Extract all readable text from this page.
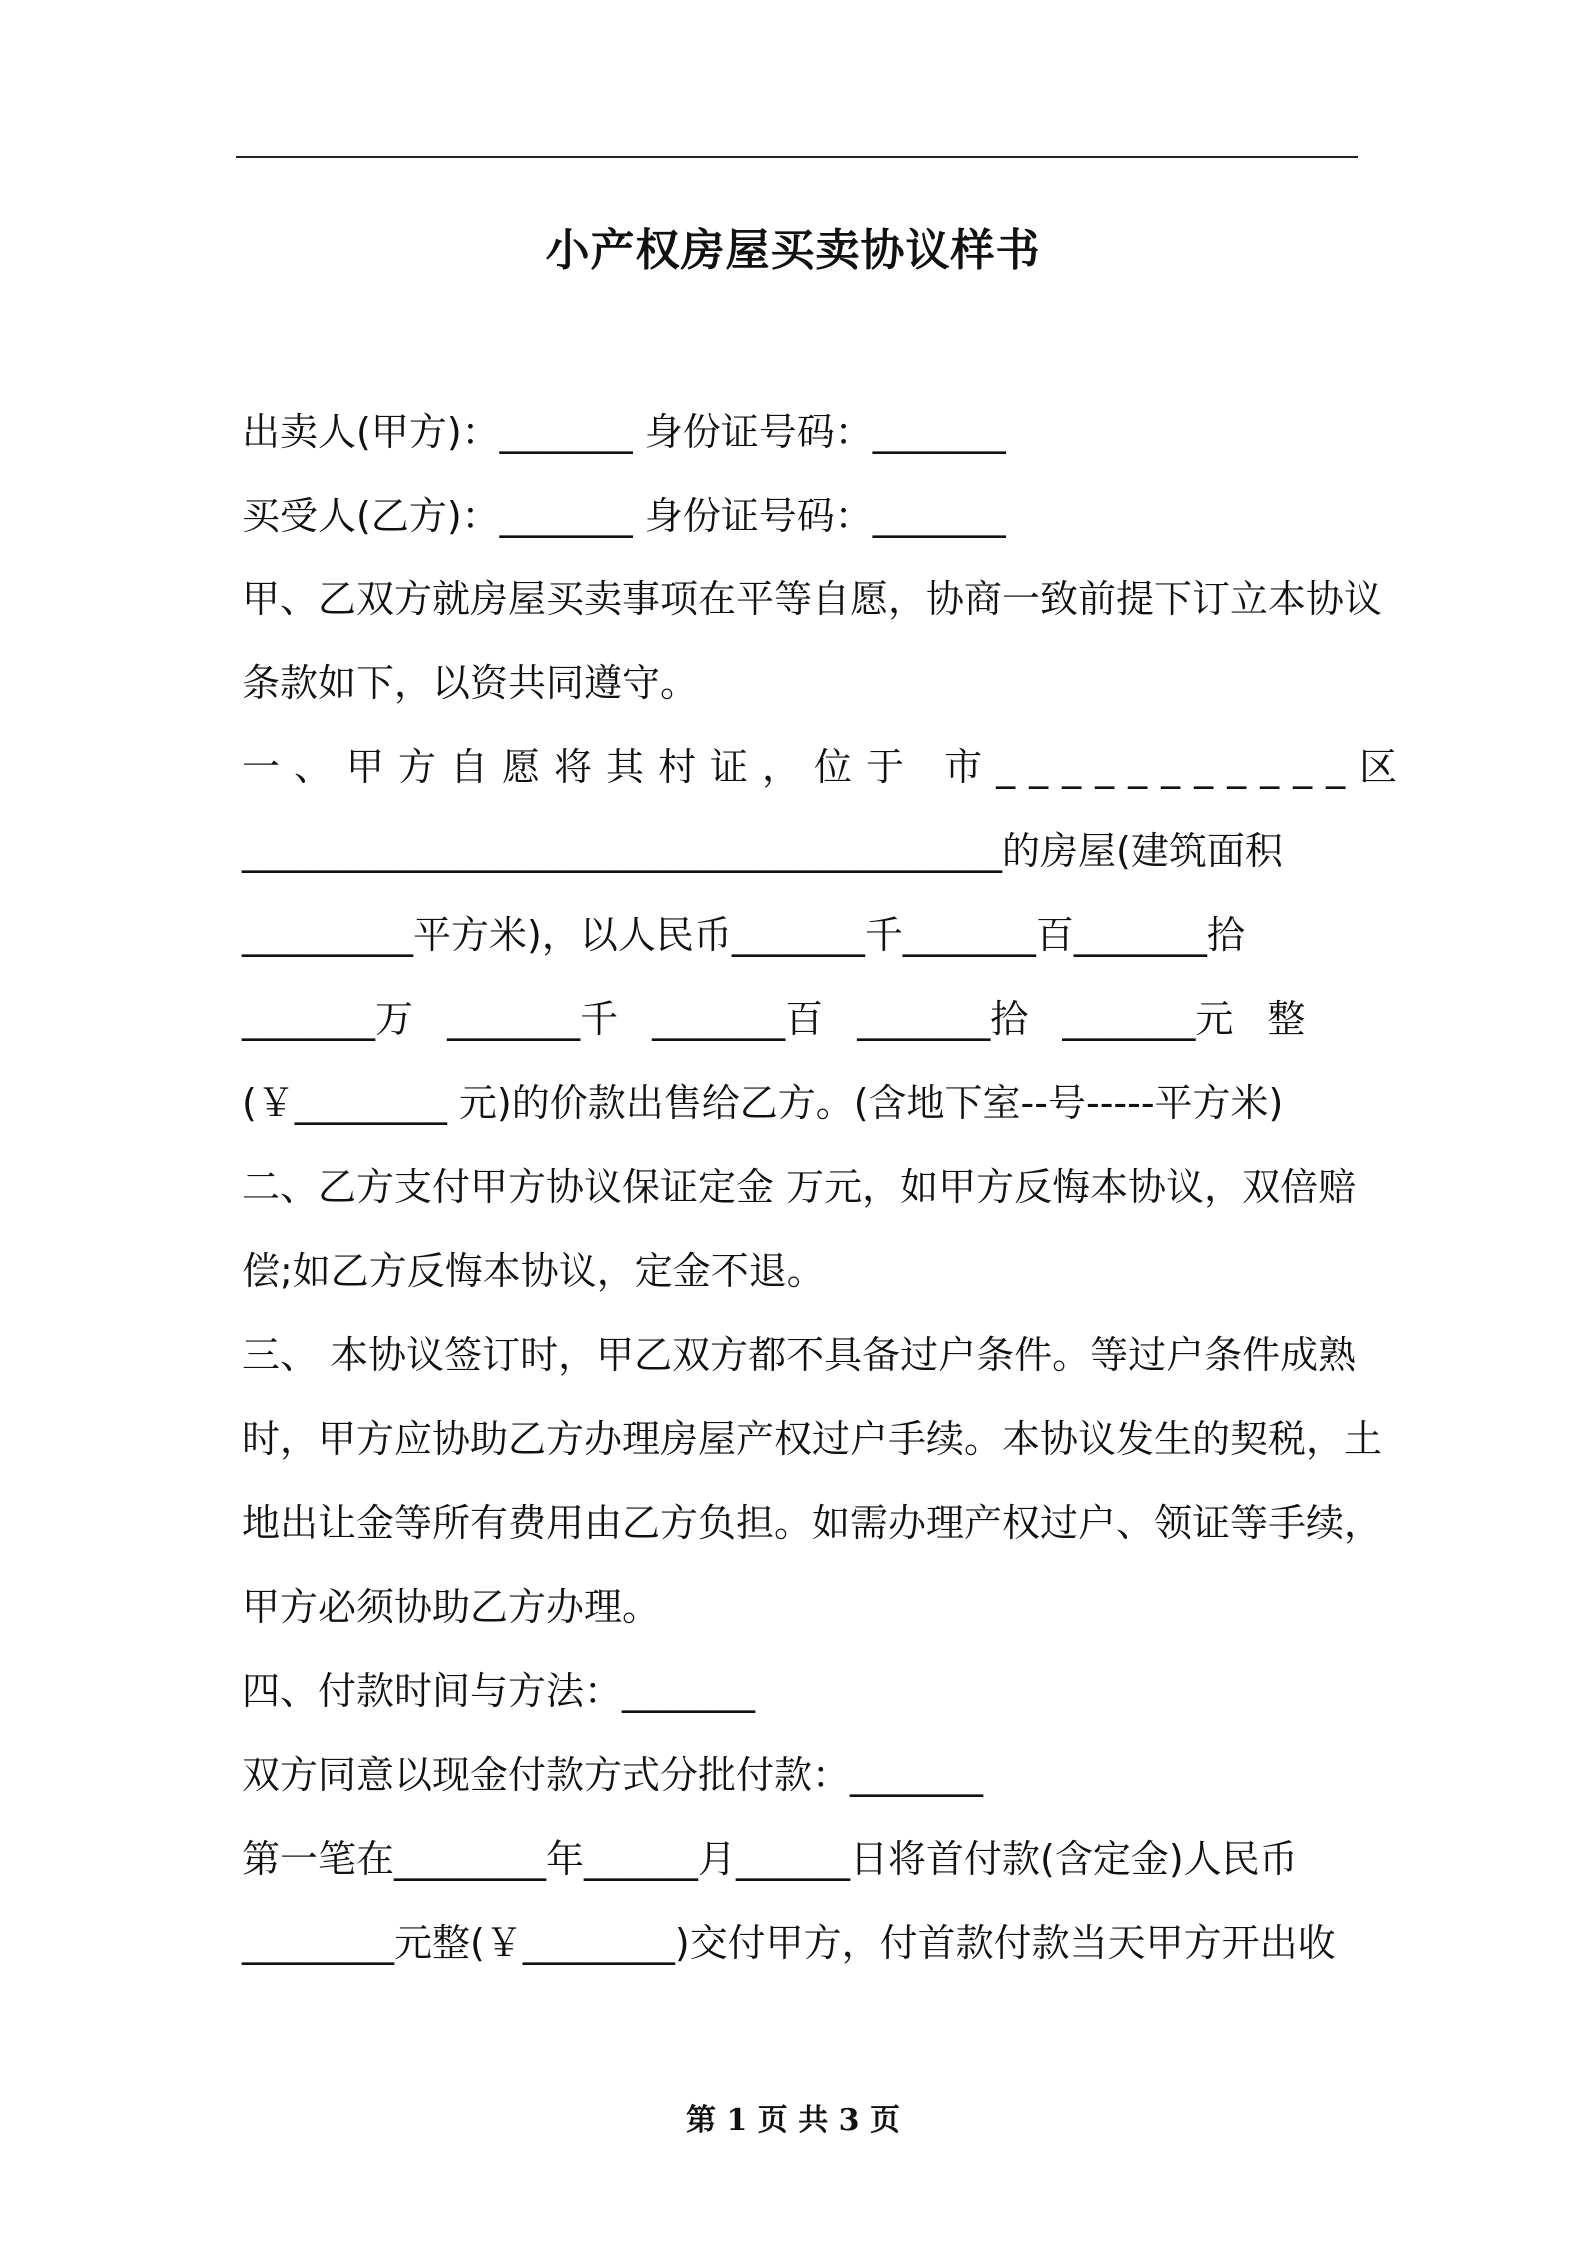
小产权房屋买卖协议样书
出卖人(甲方)：_______ 身份证号码：_______
买受人(乙方)：_______ 身份证号码：_______
甲、乙双方就房屋买卖事项在平等自愿，协商一致前提下订立本协议
条款如下，以资共同遵守。
一、甲方自愿将其村证，位于 市___________区
________________________________________的房屋(建筑面积
_________平方米)，以人民币_______千_______百_______拾
_______万 _______千 _______百 _______拾 _______元 整
(￥________ 元)的价款出售给乙方。(含地下室--号-----平方米)
二、乙方支付甲方协议保证定金 万元，如甲方反悔本协议，双倍赔
偿;如乙方反悔本协议，定金不退。
三、 本协议签订时，甲乙双方都不具备过户条件。等过户条件成熟
时，甲方应协助乙方办理房屋产权过户手续。本协议发生的契税，土
地出让金等所有费用由乙方负担。如需办理产权过户、领证等手续，
甲方必须协助乙方办理。
四、付款时间与方法：_______
双方同意以现金付款方式分批付款：_______
第一笔在________年______月______日将首付款(含定金)人民币
________元整(￥________)交付甲方，付首款付款当天甲方开出收
第 1 页 共 3 页
